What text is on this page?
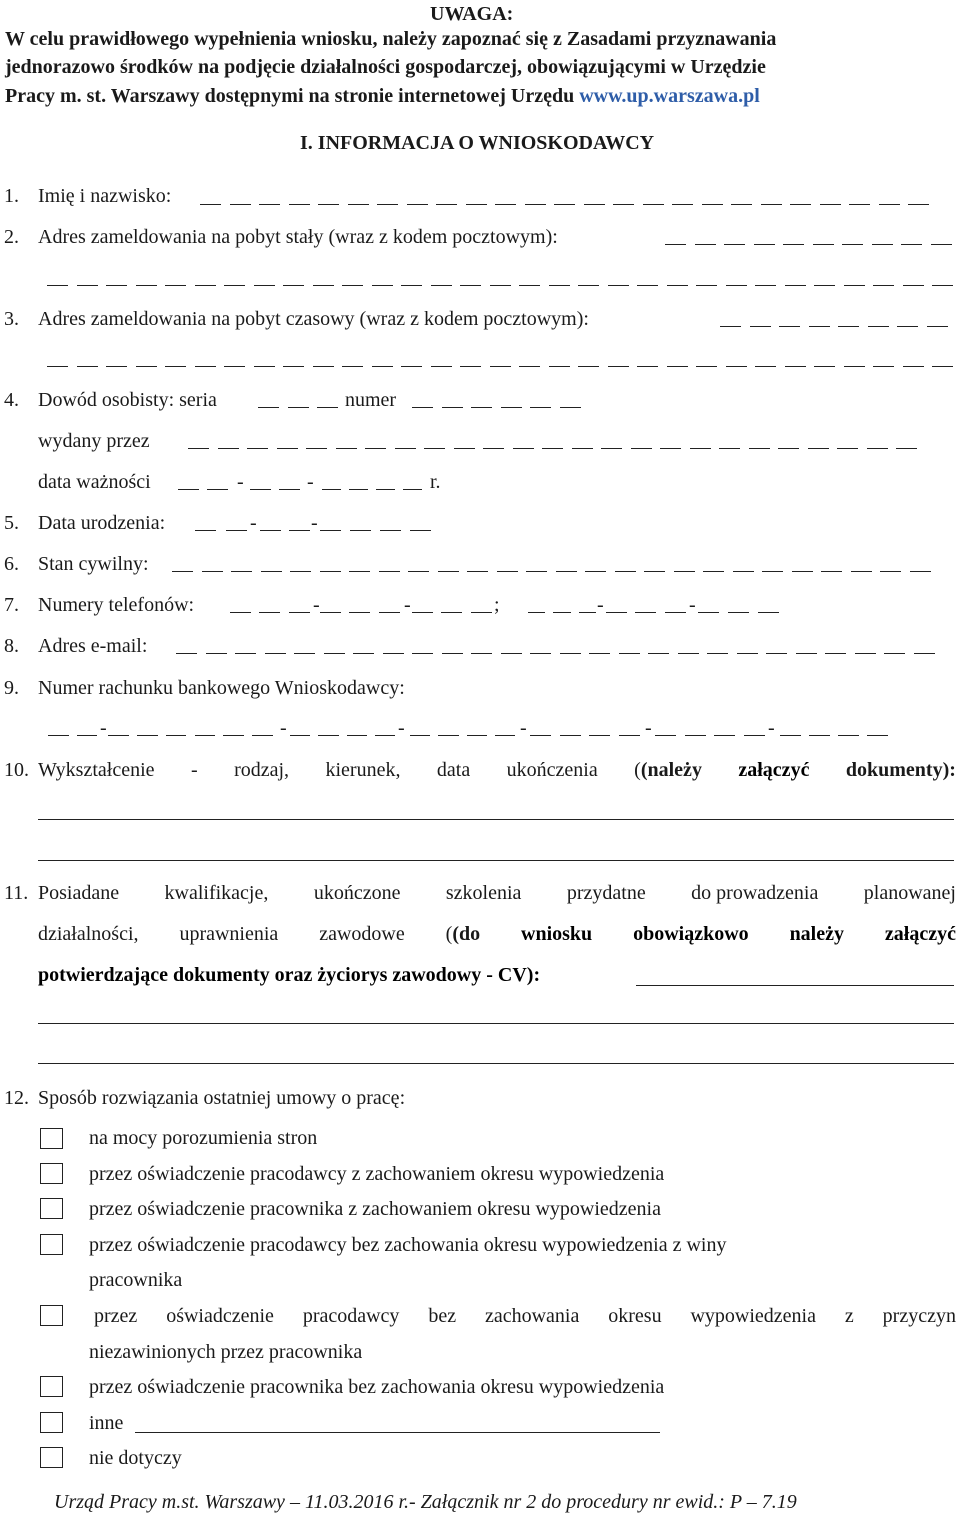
UWAGA:
W celu prawidłowego wypełnienia wniosku, należy zapoznać się z Zasadami przyznawania
jednorazowo środków na podjęcie działalności gospodarczej, obowiązującymi w Urzędzie
Pracy m. st. Warszawy dostępnymi na stronie internetowej Urzędu www.up.warszawa.pl
I. INFORMACJA O WNIOSKODAWCY
1. Imię i nazwisko:
2. Adres zameldowania na pobyt stały (wraz z kodem pocztowym):
3. Adres zameldowania na pobyt czasowy (wraz z kodem pocztowym):
4. Dowód osobisty: seria	numer
wydany przez
data ważności	-	-	r.
5. Data urodzenia:	-	-
6. Stan cywilny:
7. Numery telefonów:	-	-	;	-	-
8. Adres e-mail:
9. Numer rachunku bankowego Wnioskodawcy:
-	-	-	-	-	-
10. Wykształcenie - rodzaj, kierunek, data ukończenia ((należy załączyć dokumenty):
11. Posiadane kwalifikacje, ukończone szkolenia przydatne do prowadzenia planowanej
działalności, uprawnienia zawodowe ((do wniosku obowiązkowo należy załączyć
potwierdzające dokumenty oraz życiorys zawodowy - CV):
12. Sposób rozwiązania ostatniej umowy o pracę:
na mocy porozumienia stron
przez oświadczenie pracodawcy z zachowaniem okresu wypowiedzenia
przez oświadczenie pracownika z zachowaniem okresu wypowiedzenia
przez oświadczenie pracodawcy bez zachowania okresu wypowiedzenia z winy
pracownika
przez oświadczenie pracodawcy bez zachowania okresu wypowiedzenia z przyczyn
niezawinionych przez pracownika
przez oświadczenie pracownika bez zachowania okresu wypowiedzenia
inne
nie dotyczy
Urząd Pracy m.st. Warszawy – 11.03.2016 r.- Załącznik nr 2 do procedury nr ewid.: P – 7.19
